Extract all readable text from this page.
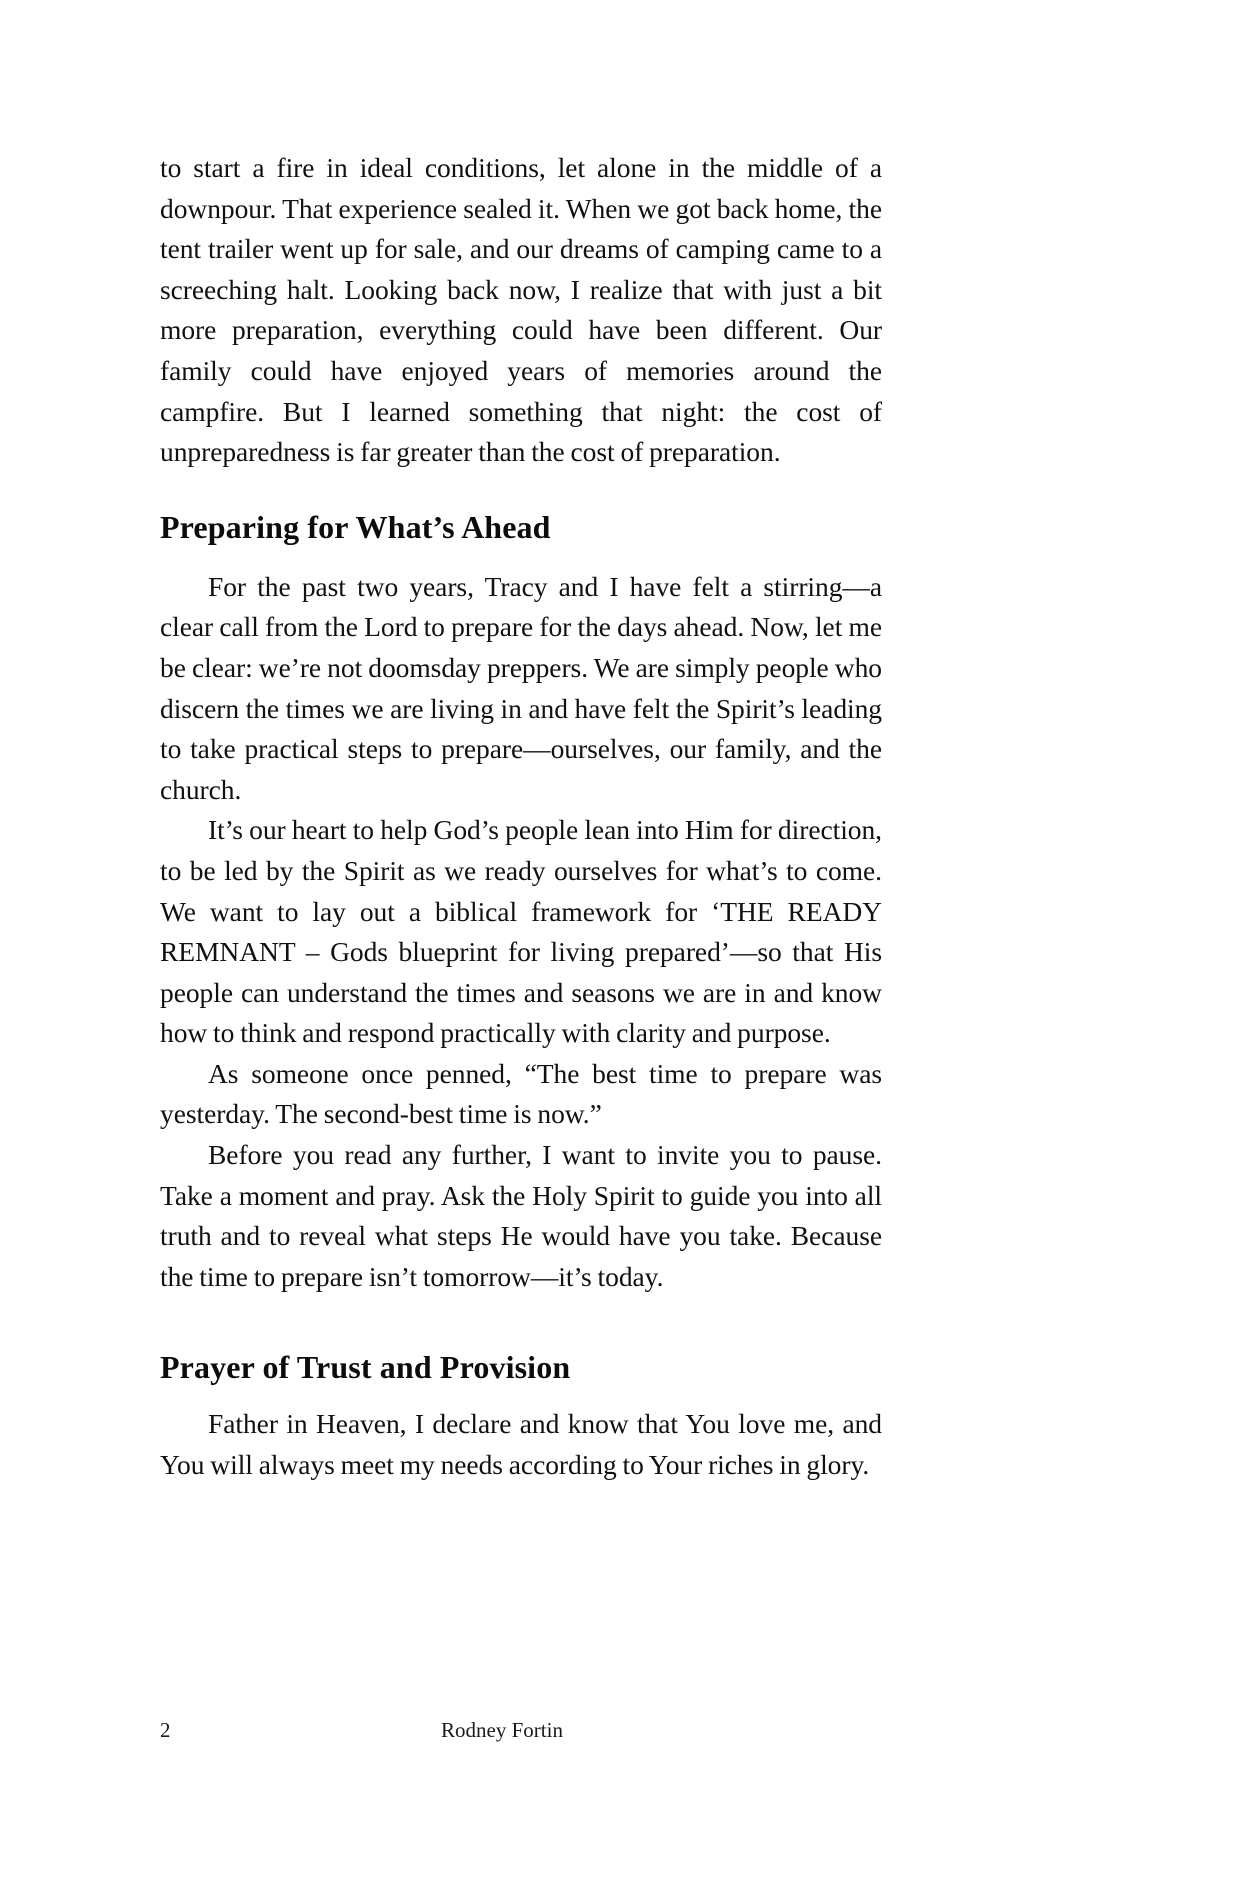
to start a fire in ideal conditions, let alone in the middle of a downpour. That experience sealed it. When we got back home, the tent trailer went up for sale, and our dreams of camping came to a screeching halt. Looking back now, I realize that with just a bit more preparation, everything could have been different. Our family could have enjoyed years of memories around the campfire. But I learned something that night: the cost of unpreparedness is far greater than the cost of preparation.

Preparing for What’s Ahead

For the past two years, Tracy and I have felt a stirring—a clear call from the Lord to prepare for the days ahead. Now, let me be clear: we’re not doomsday preppers. We are simply people who discern the times we are living in and have felt the Spirit’s leading to take practical steps to prepare—ourselves, our family, and the church.

It’s our heart to help God’s people lean into Him for direction, to be led by the Spirit as we ready ourselves for what’s to come. We want to lay out a biblical framework for ‘THE READY REMNANT – Gods blueprint for living prepared’—so that His people can understand the times and seasons we are in and know how to think and respond practically with clarity and purpose.

As someone once penned, “The best time to prepare was yesterday. The second-best time is now.”

Before you read any further, I want to invite you to pause. Take a moment and pray. Ask the Holy Spirit to guide you into all truth and to reveal what steps He would have you take. Because the time to prepare isn’t tomorrow—it’s today.

Prayer of Trust and Provision

Father in Heaven, I declare and know that You love me, and You will always meet my needs according to Your riches in glory.

2	Rodney Fortin
